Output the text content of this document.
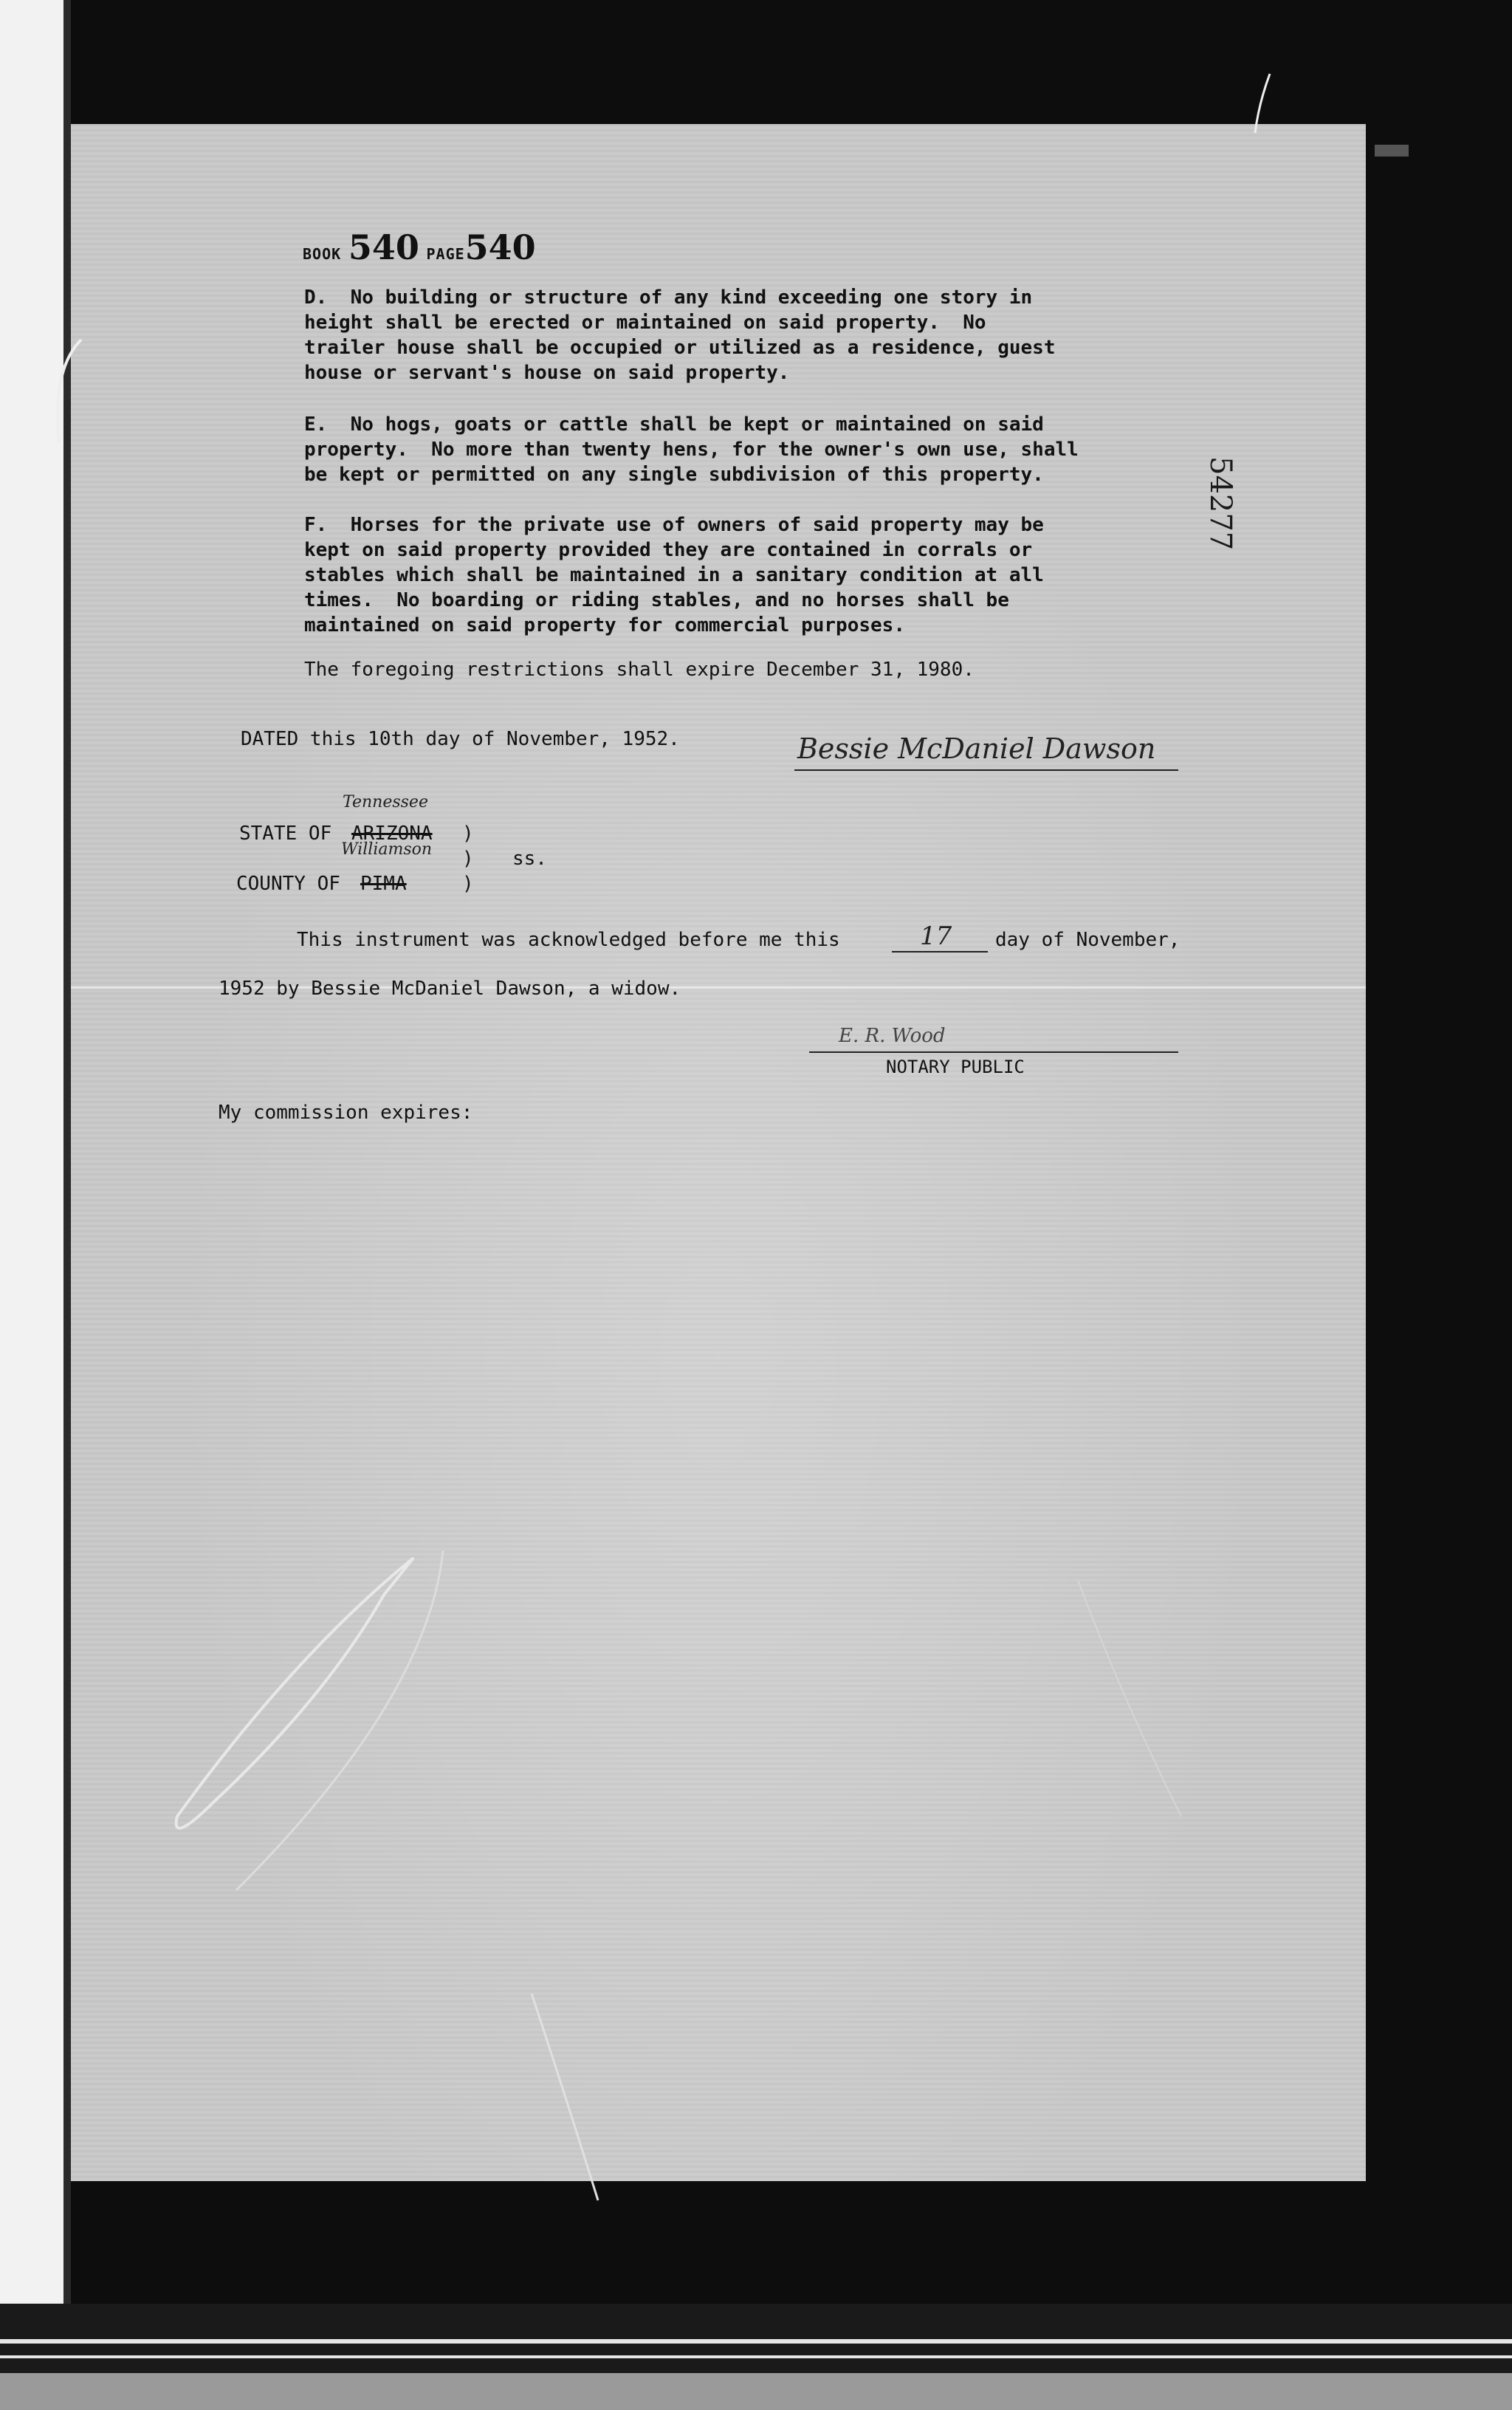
BOOK 540 PAGE540
54277
D.  No building or structure of any kind exceeding one story in
height shall be erected or maintained on said property.  No
trailer house shall be occupied or utilized as a residence, guest
house or servant's house on said property.
E.  No hogs, goats or cattle shall be kept or maintained on said
property.  No more than twenty hens, for the owner's own use, shall
be kept or permitted on any single subdivision of this property.
F.  Horses for the private use of owners of said property may be
kept on said property provided they are contained in corrals or
stables which shall be maintained in a sanitary condition at all
times.  No boarding or riding stables, and no horses shall be
maintained on said property for commercial purposes.
The foregoing restrictions shall expire December 31, 1980.
DATED this 10th day of November, 1952.	Bessie McDaniel Dawson
Tennessee
STATE OF ARIZONA )
Williamson ) ss.
COUNTY OF PIMA	)
This instrument was acknowledged before me this	17 day of November,
1952 by Bessie McDaniel Dawson, a widow.
E. R. Wood
NOTARY PUBLIC
My commission expires:
